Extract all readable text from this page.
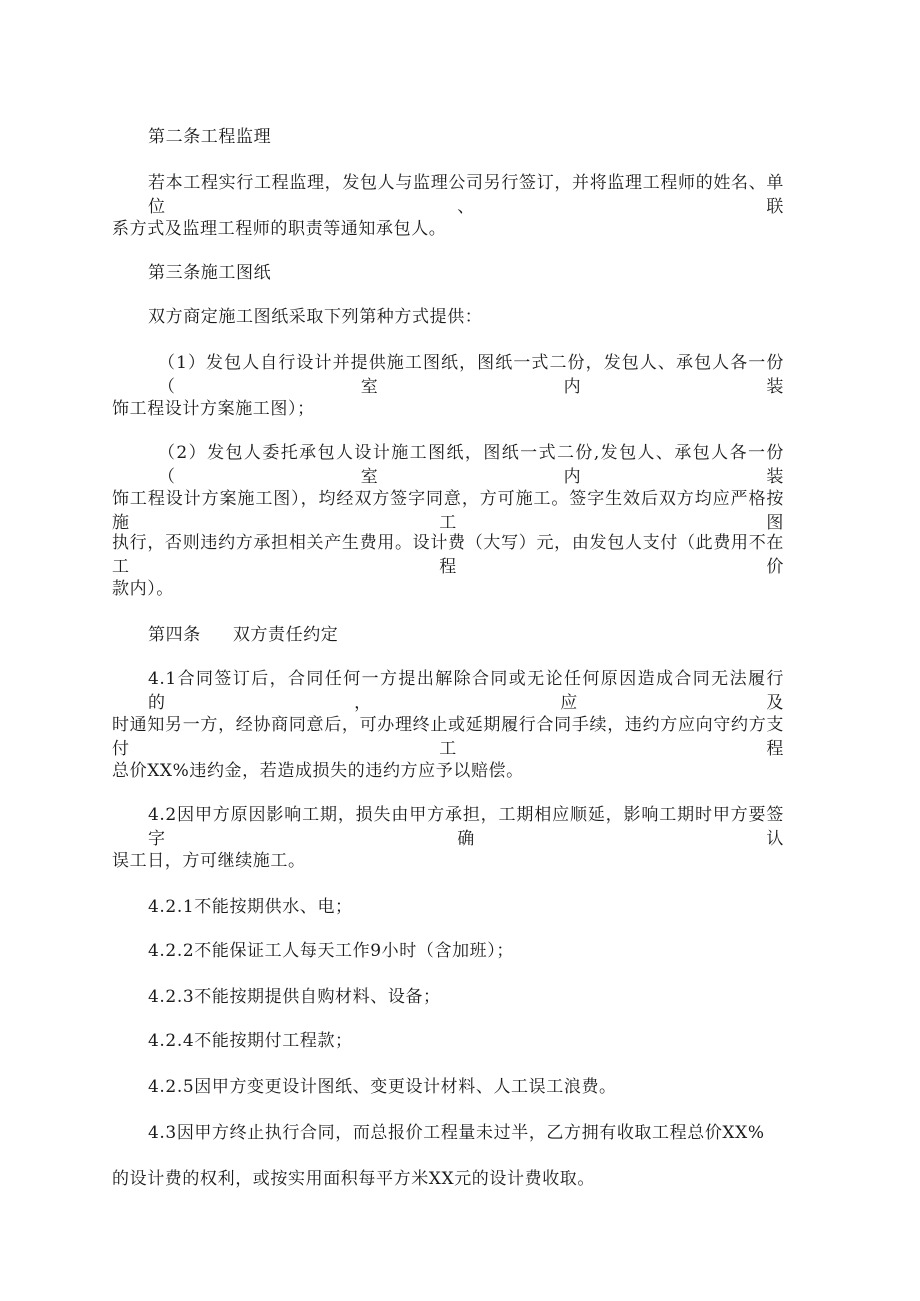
第二条工程监理

若本工程实行工程监理，发包人与监理公司另行签订，并将监理工程师的姓名、单位、联

系方式及监理工程师的职责等通知承包人。

第三条施工图纸

双方商定施工图纸采取下列第种方式提供：

（1）发包人自行设计并提供施工图纸，图纸一式二份，发包人、承包人各一份（室内装

饰工程设计方案施工图）；

（2）发包人委托承包人设计施工图纸，图纸一式二份,发包人、承包人各一份（室内装

饰工程设计方案施工图），均经双方签字同意，方可施工。签字生效后双方均应严格按施工图

执行，否则违约方承担相关产生费用。设计费（大写）元，由发包人支付（此费用不在工程价

款内）。

第四条 双方责任约定

4.1合同签订后，合同任何一方提出解除合同或无论任何原因造成合同无法履行的，应及

时通知另一方，经协商同意后，可办理终止或延期履行合同手续，违约方应向守约方支付工程

总价XX%违约金，若造成损失的违约方应予以赔偿。

4.2因甲方原因影响工期，损失由甲方承担，工期相应顺延，影响工期时甲方要签字确认

误工日，方可继续施工。

4.2.1不能按期供水、电；

4.2.2不能保证工人每天工作9小时（含加班）；

4.2.3不能按期提供自购材料、设备；

4.2.4不能按期付工程款；

4.2.5因甲方变更设计图纸、变更设计材料、人工误工浪费。

4.3因甲方终止执行合同，而总报价工程量未过半，乙方拥有收取工程总价XX%

的设计费的权利，或按实用面积每平方米XX元的设计费收取。
